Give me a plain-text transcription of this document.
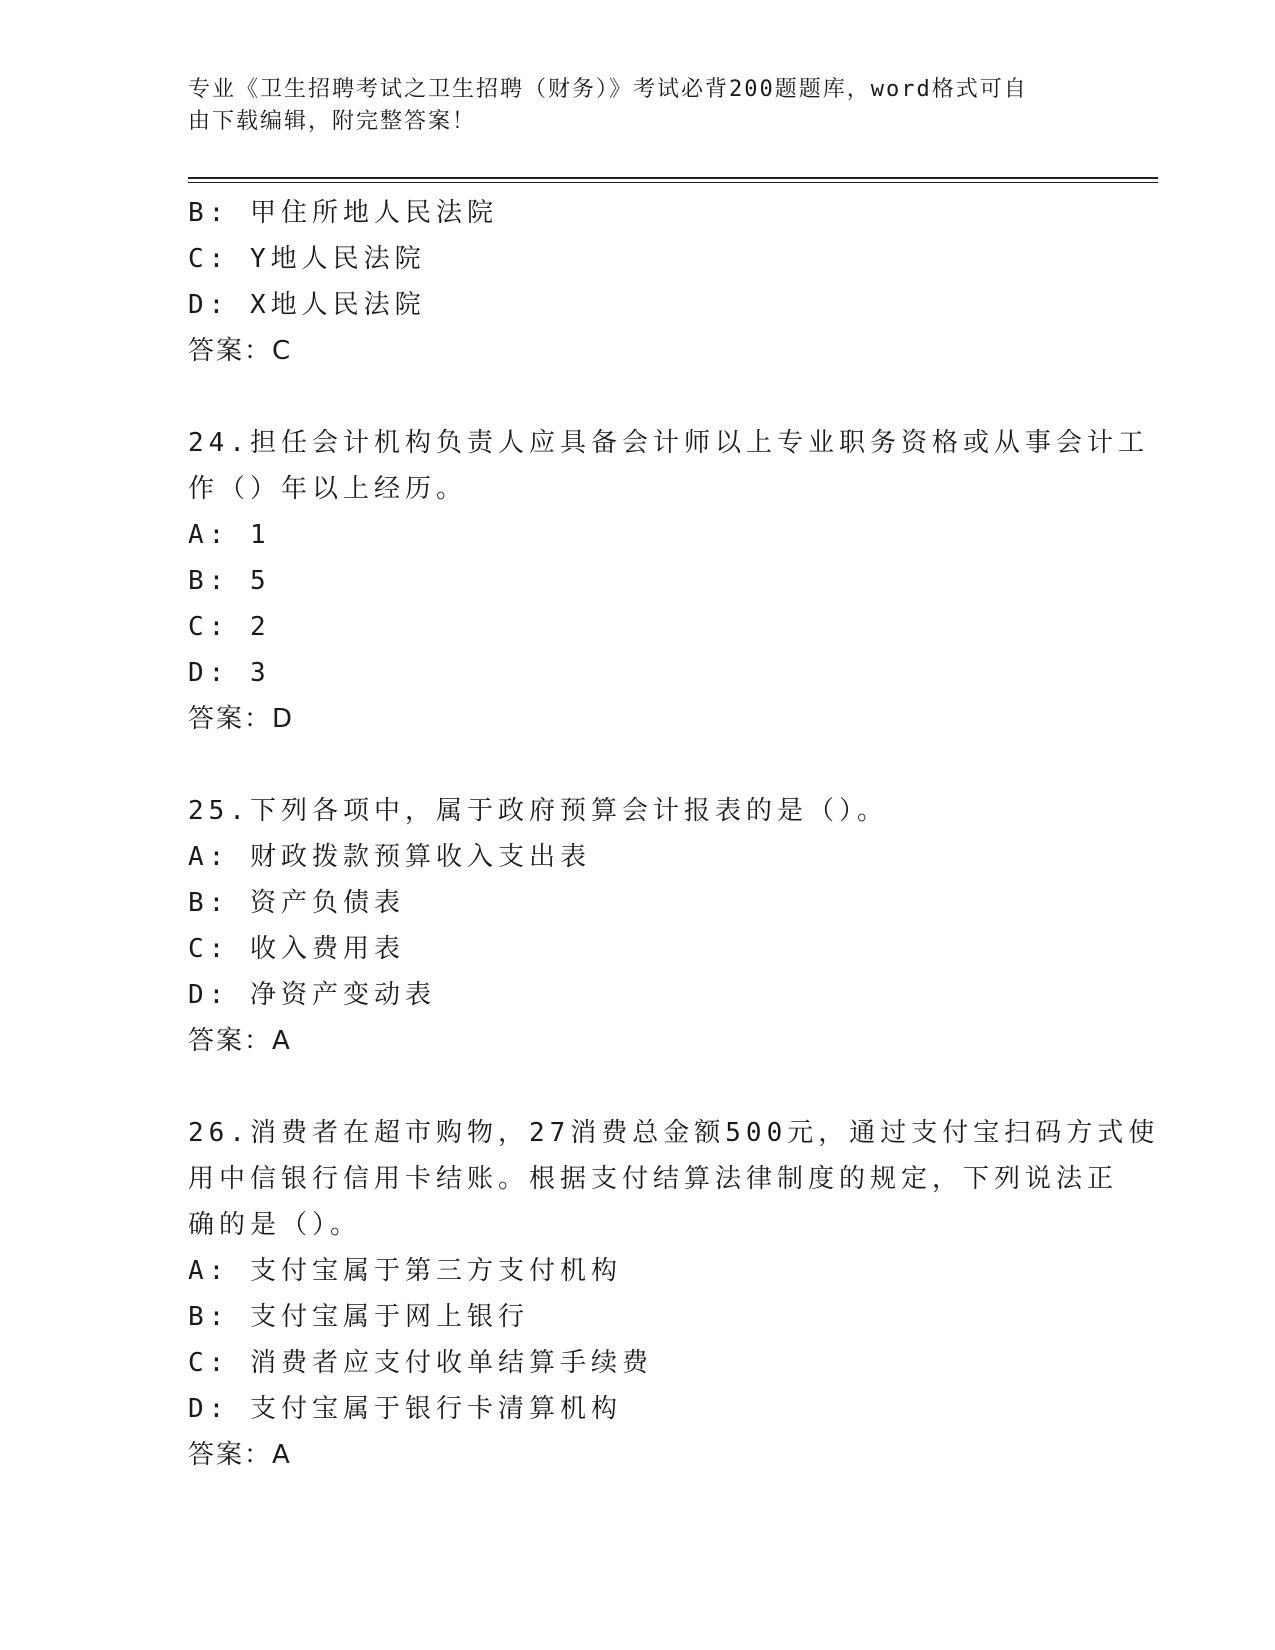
专业《卫生招聘考试之卫生招聘（财务）》考试必背200题题库，word格式可自
由下载编辑，附完整答案！
B: 甲住所地人民法院
C: Y地人民法院
D: X地人民法院
答案：C
24.担任会计机构负责人应具备会计师以上专业职务资格或从事会计工
作（）年以上经历。
A: 1
B: 5
C: 2
D: 3
答案：D
25.下列各项中，属于政府预算会计报表的是（）。
A: 财政拨款预算收入支出表
B: 资产负债表
C: 收入费用表
D: 净资产变动表
答案：A
26.消费者在超市购物，27消费总金额500元，通过支付宝扫码方式使
用中信银行信用卡结账。根据支付结算法律制度的规定，下列说法正
确的是（）。
A: 支付宝属于第三方支付机构
B: 支付宝属于网上银行
C: 消费者应支付收单结算手续费
D: 支付宝属于银行卡清算机构
答案：A
